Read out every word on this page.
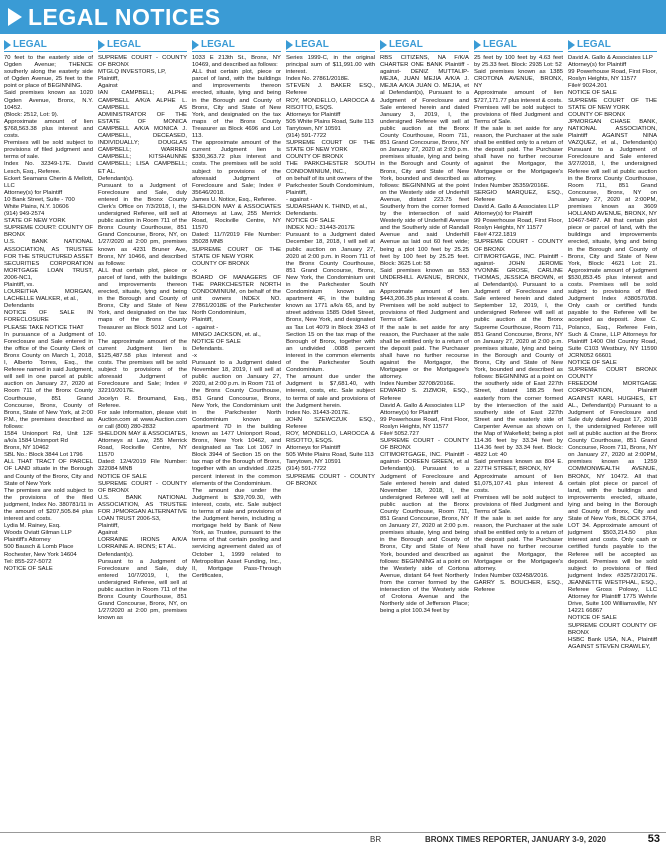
LEGAL NOTICES
LEGAL

70 feet to the easterly side of Ogden Avenue; THENCE southerly along the easterly side of Ogden Avenue, 25 feet to the point or place of BEGINNING.
Said premises known as 1020 Ogden Avenue, Bronx, N.Y. 10452.
(Block: 2512, Lot: 9).
Approximate amount of lien $768,563.38 plus interest and costs.
Premises will be sold subject to provisions of filed judgment and terms of sale.
Index No. 32349-17E. David Lesch, Esq., Referee.
Eckert Seamans Cherin & Mellott, LLC
Attorney(s) for Plaintiff
10 Bank Street, Suite - 700
White Plains, N.Y. 10606
(914) 949-2574
STATE OF NEW YORK
SUPREME COURT: COUNTY OF BRONX
U.S. BANK NATIONAL ASSOCIATION, AS TRUSTEE FOR THE STRUCTURED ASSET SECURITIES CORPORATION MORTGAGE LOAN TRUST, 2006-NC1,
Plaintiff, vs.
LOUREITHA MORGAN, LACHELLE WALKER, et al.,
Defendants
NOTICE OF SALE IN FORECLOSURE
PLEASE TAKE NOTICE THAT
In pursuance of a Judgment of Foreclosure and Sale entered in the office of the County Clerk of Bronx County on March 1, 2018, I, Alberto Torres, Esq., the Referee named in said Judgment, will sell in one parcel at public auction on January 27, 2020 at Room 711 of the Bronx County Courthouse, 851 Grand Concourse, Bronx, County of Bronx, State of New York, at 2:00 P.M., the premises described as follows:
1584 Unionport Rd, Unit 12F a/k/a 1584 Unionport Rd
Bronx, NY 10462
SBL No.: Block 3844 Lot 1796
ALL THAT TRACT OF PARCEL OF LAND situate in the Borough and County of the Bronx, City and State of New York
The premises are sold subject to the provisions of the filed judgment, Index No. 380781/11 in the amount of $207,505.84 plus interest and costs.
Lydia M. Rainey, Esq.
Woods Oviatt Gilman LLP
Plaintiff's Attorney
500 Bausch & Lomb Place
Rochester, New York 14604
Tel: 855-227-5072
NOTICE OF SALE

LEGAL

SUPREME COURT - COUNTY OF BRONX
MTGLQ INVESTORS, LP,
Plaintiff,
Against
IAN CAMPBELL; ALPHE CAMPBELL A/K/A ALPHE L. CAMPBELL AS ADMINISTRATOR OF THE ESTATE OF MONICA CAMPBELL A/K/A MONICA J. CAMPBELL, DECEASED, INDIVIDUALLY; DOUGLAS CAMPBELL; WARREN CAMPBELL; KITSHAUNNE CAMPBELL; LISA CAMPBELL; ET AL.
Defendant(s).
Pursuant to a Judgment of Foreclosure and Sale, duly entered in the Bronx County Clerk's Office on 7/3/2018, I, the undersigned Referee, will sell at public auction in Room 711 of the Bronx County Courthouse, 851 Grand Concourse, Bronx, NY, on 1/27/2020 at 2:00 pm, premises known as 4231 Bruner Ave, Bronx, NY 10466, and described as follows:
ALL that certain plot, piece or parcel of land, with the buildings and improvements thereon erected, situate, lying and being in the Borough and County of Bronx, City and State of New York, and designated on the tax maps of the Bronx County Treasurer as Block 5012 and Lot 10.
The approximate amount of the current Judgment lien is $125,487.58 plus interest and costs. The premises will be sold subject to provisions of the aforesaid Judgment of Foreclosure and Sale; Index # 32210/2017E.
Jocelyn R. Broumand, Esq., Referee.
For sale information, please visit Auction.com at www.Auction.com or call (800) 280-2832
SHELDON MAY & ASSOCIATES, Attorneys at Law, 255 Merrick Road, Rockville Centre, NY 11570
Dated: 12/4/2019 File Number: 322084 MNB
NOTICE OF SALE
SUPREME COURT - COUNTY OF BRONX
U.S. BANK NATIONAL ASSOCIATION, AS TRUSTEE FOR JPMORGAN ALTERNATIVE LOAN TRUST 2006-S3,
Plaintiff,
Against
LORRAINE IRONS A/K/A LORRAINE A. IRONS; ET AL.
Defendant(s).
Pursuant to a Judgment of Foreclosure and Sale, duly entered 10/7/2019, I, the undersigned Referee, will sell at public auction in Room 711 of the Bronx County Courthouse, 851 Grand Concourse, Bronx, NY, on 1/27/2020 at 2:00 pm, premises known as

LEGAL

1033 E 213th St., Bronx, NY 10469, and described as follows:
ALL that certain plot, piece or parcel of land, with the buildings and improvements thereon erected, situate, lying and being in the Borough and County of Bronx, City and State of New York, and designated on the tax maps of the Bronx County Treasurer as Block 4696 and Lot 113.
The approximate amount of the current Judgment lien is $330,363.72 plus interest and costs. The premises will be sold subject to provisions of the aforesaid Judgment of Foreclosure and Sale; Index # 35646/2018.
James U. Notice, Esq., Referee.
SHELDON MAY & ASSOCIATES Attorneys at Law, 255 Merrick Road, Rockville Centre, NY 11570
Dated: 11/7/2019 File Number: 35028 MNB
SUPREME COURT OF THE STATE OF NEW YORK
COUNTY OF BRONX
-x
BOARD OF MANAGERS OF THE PARKCHESTER NORTH CONDOMINIUM, on behalf of the unit owners INDEX NO. 27861/2018E of the Parkchester North Condominium,
Plaintiff,
- against -
MINGO JACKSON, et. al.,
NOTICE OF SALE
Defendants.
-x
Pursuant to a Judgment dated November 18, 2019, I will sell at public auction on January 27, 2020, at 2:00 p.m. in Room 711 of the Bronx County Courthouse, 851 Grand Concourse, Bronx, New York, the Condominium unit in the Parkchester North Condominium known as apartment 7D in the building known as 1477 Unionport Road, Bronx, New York 10462, and designated as Tax Lot 1067 in Block 3944 of Section 15 on the tax map of the Borough of Bronx, together with an undivided .0225 percent interest in the common elements of the Condominium.
The amount due under the Judgment is $39,709.30, with interest, costs, etc. Sale subject to terms of sale and provisions of the Judgment herein, including a mortgage held by Bank of New York, as Trustee, pursuant to the terms of that certain pooling and servicing agreement dated as of October 1, 1999 related to Metropolitan Asset Funding, Inc., II, Mortgage Pass-Through Certificates,

LEGAL

Series 1999-C, in the original principal sum of $11,991.00 with interest.
Index No. 27861/2018E.
STEVEN J. BAKER ESQ., Referee
ROY, MONDELLO, LAROCCA & RISOTTO, ESQS.
Attorneys for Plaintiff
505 White Plains Road, Suite 113
Tarrytown, NY 10591
(914) 591-7722
SUPREME COURT OF THE STATE OF NEW YORK
COUNTY OF BRONX
THE PARKCHESTER SOUTH CONDOMINIUM, INC.,
on behalf of its unit owners of the
Parkchester South Condominium,
Plaintiff,
- against -
SUDARSHAN K. THIND, et al.,
Defendants.
NOTICE OF SALE
INDEX NO.: 31443-2017E
Pursuant to a Judgment dated December 18, 2018, I will sell at public auction on January 27, 2020 at 2:00 p.m. in Room 711 of the Bronx County Courthouse, 851 Grand Concourse, Bronx, New York, the Condominium unit in the Parkchester South Condominium known as apartment 4F, in the building known as 1771 a/k/a 65, and by street address 1585 Odell Street, Bronx, New York, and designated as Tax Lot 4079 in Block 3943 of Section 15 on the tax map of the Borough of Bronx, together with an undivided .0088 percent interest in the common elements of the Parkchester South Condominium.
The amount due under the Judgment is $7,681.40, with interest, costs, etc. Sale subject to terms of sale and provisions of the Judgment herein.
Index No. 31443-2017E.
JOHN SZEWCZUK ESQ., Referee
ROY, MONDELLO, LAROCCA & RISOTTO, ESQS.
Attorneys for Plaintiff
505 White Plains Road, Suite 113
Tarrytown, NY 10591
(914) 591-7722
SUPREME COURT - COUNTY OF BRONX

LEGAL

RBS CITIZENS, NA F/K/A CHARTER ONE BANK Plaintiff -against- DENIZ MUTTALIP-MEJIA, JUAN MEJIA A/K/A J. MEJIA A/K/A JUAN O. MEJIA, et al Defendant(s), Pursuant to a Judgment of Foreclosure and Sale entered herein and dated January 3, 2019, I, the undersigned Referee will sell at public auction at the Bronx County Courthouse, Room 711, 851 Grand Concourse, Bronx, NY on January 27, 2020 at 2:00 p.m. premises situate, lying and being in the Borough and County of Bronx, City and State of New York, bounded and described as follows: BEGINNING at the point on the Westerly side of Underhill Avenue, distant 223.75 feet Southerly from the corner formed by the intersection of said Westerly side of Underhill Avenue and the Southerly side of Randall Avenue and said Underhill Avenue as laid out 60 feet wide; being a plot 100 feet by 25.25 feet by 100 feet by 25.25 feet. Block: 3625 Lot: 58
Said premises known as 553 UNDERHILL AVENUE, BRONX, NY
Approximate amount of lien $443,206.35 plus interest & costs.
Premises will be sold subject to provisions of filed Judgment and Terms of Sale.
If the sale is set aside for any reason, the Purchaser at the sale shall be entitled only to a return of the deposit paid. The Purchaser shall have no further recourse against the Mortgagor, the Mortgagee or the Mortgagee's attorney.
Index Number 32708/2016E.
EDWARD S. ZIZMOR, ESQ., Referee
David A. Gallo & Associates LLP
Attorney(s) for Plaintiff
99 Powerhouse Road, First Floor, Roslyn Heights, NY 11577
File# 5052.727
SUPREME COURT - COUNTY OF BRONX
CITIMORTGAGE, INC. Plaintiff -against- DOREEN GREEN, et al Defendant(s). Pursuant to a Judgment of Foreclosure and Sale entered herein and dated November 18, 2018, I, the undersigned Referee will sell at public auction at the Bronx County Courthouse, Room 711, 851 Grand Concourse, Bronx, NY on January 27, 2020 at 2:00 p.m. premises situate, lying and being in the Borough and County of Bronx, City and State of New York, bounded and described as follows: BEGINNING at a point on the Westerly side of Cortona Avenue, distant 64 feet Northerly from the corner formed by the intersection of the Westerly side of Crotona Avenue and the Northerly side of Jefferson Place; being a plot 100.34 feet by

LEGAL

25 feet by 100 feet by 4.63 feet by 25.33 feet. Block: 2935 Lot: 52
Said premises known as 1385 CROTONA AVENUE, BRONX, NY
Approximate amount of lien $727,171.77 plus interest & costs.
Premises will be sold subject to provisions of filed Judgment and Terms of Sale.
If the sale is set aside for any reason, the Purchaser at the sale shall be entitled only to a return of the deposit paid. The Purchaser shall have no further recourse against the Mortgagor, the Mortgagee or the Mortgagee's attorney.
Index Number 35359/2016E.
SERGIO MARQUEZ, ESQ., Referee
David A. Gallo & Associates LLP
Attorney(s) for Plaintiff
99 Powerhouse Road, First Floor, Roslyn Heights, NY 11577
File# 4722.1819
SUPREME COURT - COUNTY OF BRONX
CITIMORTGAGE, INC. Plaintiff -against- JOHN JEROME YVONNE GROSE, CARLINE THOMAS, JESSICA BROWN, et al Defendant(s). Pursuant to a Judgment of Foreclosure and Sale entered herein and dated September 12, 2019, I, the undersigned Referee will sell at public auction at the Bronx Supreme Courthouse, Room 711, 851 Grand Concourse, Bronx, NY on January 27, 2020 at 2:00 p.m. premises situate, lying and being in the Borough and County of Bronx, City and State of New York, bounded and described as follows: BEGINNING at a point on the southerly side of East 227th Street, distant 188.25 feet easterly from the corner formed by the intersection of the said southerly side of East 227th Street and the easterly side of Carpenter Avenue as shown on the Map of Wakefield; being a plot 114.36 feet by 33.34 feet by 114.36 feet by 33.34 feet. Block: 4822 Lot: 40
Said premises known as 804 E. 227TH STREET, BRONX, NY
Approximate amount of lien $1,075,107.41 plus interest & costs.
Premises will be sold subject to provisions of filed Judgment and Terms of Sale.
If the sale is set aside for any reason, the Purchaser at the sale shall be entitled only to a return of the deposit paid. The Purchaser shall have no further recourse against the Mortgagor, the Mortgagee or the Mortgagee's attorney.
Index Number 032458/2016.
GARRY S. BOUCHER, ESQ., Referee

LEGAL

David A. Gallo & Associates LLP
Attorney(s) for Plaintiff
99 Powerhouse Road, First Floor, Roslyn Heights, NY 11577
File# 9024.201
NOTICE OF SALE
SUPREME COURT OF THE STATE OF NEW YORK
COUNTY OF BRONX
JPMORGAN CHASE BANK, NATIONAL ASSOCIATION, Plaintiff AGAINST NINA VAZQUEZ, et al., Defendant(s) Pursuant to a Judgment of Foreclosure and Sale entered 3/27/2018, I, the undersigned Referee will sell at public auction in the Bronx County Courthouse, Room 711, 851 Grand Concourse, Bronx, NY on January 27, 2020 at 2:00PM, premises known as 3609 HOLLAND AVENUE, BRONX, NY 10467-5487. All that certain plot piece or parcel of land, with the buildings and improvements erected, situate, lying and being in the Borough and County of Bronx, City and State of New York, Block: 4621 Lot: 21. Approximate amount of judgment $530,853.45 plus interest and costs. Premises will be sold subject to provisions of filed Judgment Index #380570/08. Only cash or certified funds payable to the Referee will be accepted as deposit. Jose C. Polanco, Esq., Referee Fein, Such & Crane, LLP Attorneys for Plaintiff 1400 Old Country Road, Suite C103 Westbury, NY 11590 JCRN052 66601
NOTICE OF SALE
SUPREME COURT BRONX COUNTY
FREEDOM MORTGAGE CORPORATION, Plaintiff AGAINST KARL HUGHES, ET AL., Defendant(s) Pursuant to a Judgment of Foreclosure and Sale duly dated August 17, 2018 I, the undersigned Referee will sell at public auction at the Bronx County Courthouse, 851 Grand Concourse, Room 711, Bronx, NY on January 27, 2020 at 2:00PM, premises known as 1259 COMMONWEALTH AVENUE, BRONX, NY 10472. All that certain plot piece or parcel of land, with the buildings and improvements erected, situate, lying and being in the Borough and County of Bronx, City and State of New York, BLOCK 3764, LOT 34. Approximate amount of judgment $503,214.50 plus interest and costs. Only cash or certified funds payable to the Referee will be accepted as deposit. Premises will be sold subject to provisions of filed judgment Index #32572/2017E. JEANNETTE WESTPHAL, ESQ., Referee Gross Polowy, LLC Attorney for Plaintiff 1775 Wehrle Drive, Suite 100 Williamsville, NY 14221 66867
NOTICE OF SALE
SUPREME COURT COUNTY OF BRONX
HSBC Bank USA, N.A., Plaintiff AGAINST STEVEN CRAWLEY,

BR	BRONX TIMES REPORTER, JANUARY 3-9, 2020	53
